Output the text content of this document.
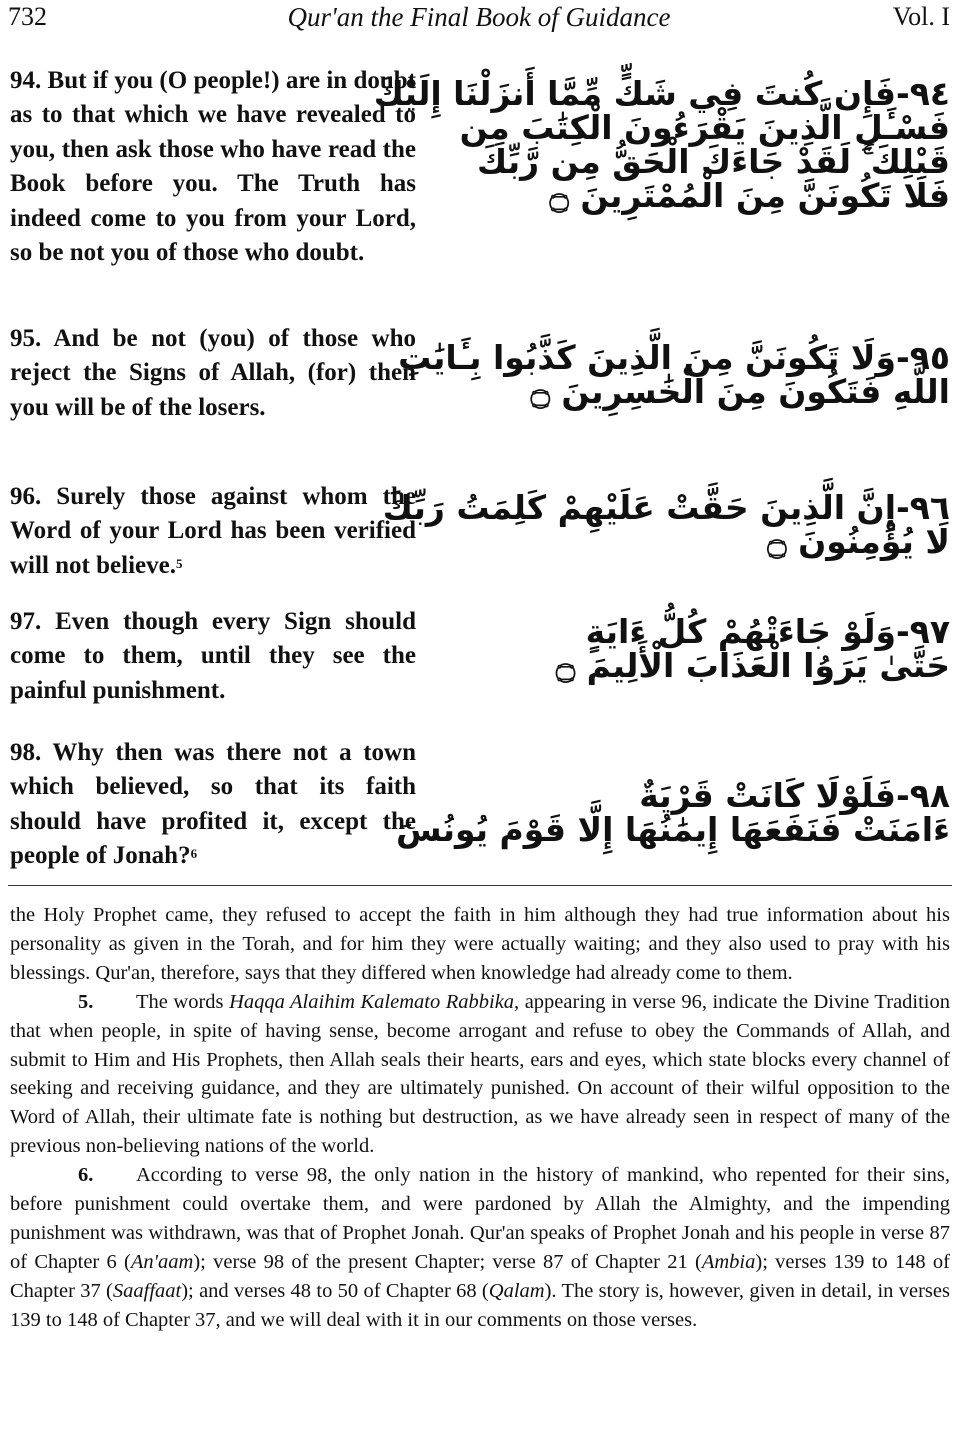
732	Qur'an the Final Book of Guidance	Vol. I
94. But if you (O people!) are in doubt as to that which we have revealed to you, then ask those who have read the Book before you. The Truth has indeed come to you from your Lord, so be not you of those who doubt.
٩٤-فَإِن كُنتَ فِي شَكٍّ مِّمَّا أَنزَلْنَا إِلَيْكَ
فَسْـَٔلِ الَّذِينَ يَقْرَءُونَ الْكِتَٰبَ مِن
قَبْلِكَ ۚ لَقَدْ جَاءَكَ الْحَقُّ مِن رَّبِّكَ
فَلَا تَكُونَنَّ مِنَ الْمُمْتَرِينَ ۝
95. And be not (you) of those who reject the Signs of Allah, (for) then you will be of the losers.
٩٥-وَلَا تَكُونَنَّ مِنَ الَّذِينَ كَذَّبُوا بِـَٔايَٰتِ
اللَّهِ فَتَكُونَ مِنَ الْخَٰسِرِينَ ۝
96. Surely those against whom the Word of your Lord has been verified will not believe.$^5$
٩٦-إِنَّ الَّذِينَ حَقَّتْ عَلَيْهِمْ كَلِمَتُ رَبِّكَ
لَا يُؤْمِنُونَ ۝
97. Even though every Sign should come to them, until they see the painful punishment.
٩٧-وَلَوْ جَاءَتْهُمْ كُلُّ ءَايَةٍ
حَتَّىٰ يَرَوُا الْعَذَابَ الْأَلِيمَ ۝
98. Why then was there not a town which believed, so that its faith should have profited it, except the people of Jonah?$^6$
٩٨-فَلَوْلَا كَانَتْ قَرْيَةٌ
ءَامَنَتْ فَنَفَعَهَا إِيمَٰنُهَا إِلَّا قَوْمَ يُونُسَ

the Holy Prophet came, they refused to accept the faith in him although they had true information about his personality as given in the Torah, and for him they were actually waiting; and they also used to pray with his blessings. Qur'an, therefore, says that they differed when knowledge had already come to them.

5. The words Haqqa Alaihim Kalemato Rabbika, appearing in verse 96, indicate the Divine Tradition that when people, in spite of having sense, become arrogant and refuse to obey the Commands of Allah, and submit to Him and His Prophets, then Allah seals their hearts, ears and eyes, which state blocks every channel of seeking and receiving guidance, and they are ultimately punished. On account of their wilful opposition to the Word of Allah, their ultimate fate is nothing but destruction, as we have already seen in respect of many of the previous non-believing nations of the world.

6. According to verse 98, the only nation in the history of mankind, who repented for their sins, before punishment could overtake them, and were pardoned by Allah the Almighty, and the impending punishment was withdrawn, was that of Prophet Jonah. Qur'an speaks of Prophet Jonah and his people in verse 87 of Chapter 6 (An'aam); verse 98 of the present Chapter; verse 87 of Chapter 21 (Ambia); verses 139 to 148 of Chapter 37 (Saaffaat); and verses 48 to 50 of Chapter 68 (Qalam). The story is, however, given in detail, in verses 139 to 148 of Chapter 37, and we will deal with it in our comments on those verses.
